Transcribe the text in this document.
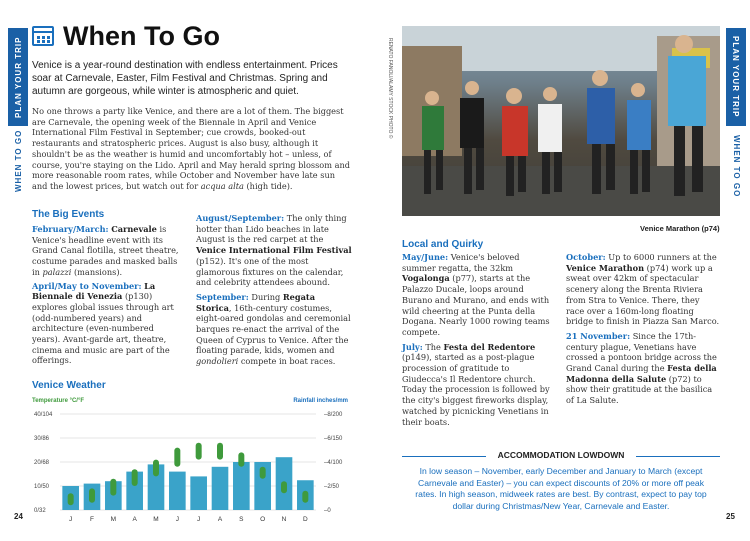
PLAN YOUR TRIP
WHEN TO GO
When To Go
Venice is a year-round destination with endless entertainment. Prices soar at Carnevale, Easter, Film Festival and Christmas. Spring and autumn are gorgeous, while winter is atmospheric and quiet.
No one throws a party like Venice, and there are a lot of them. The biggest are Carnevale, the opening week of the Biennale in April and Venice International Film Festival in September; cue crowds, booked-out restaurants and stratospheric prices. August is also busy, although it shouldn't be as the weather is humid and uncomfortably hot – unless, of course, you're staying on the Lido. April and May herald spring blossom and more reasonable room rates, while October and November have late sun and the lowest prices, but watch out for acqua alta (high tide).
The Big Events
February/March: Carnevale is Venice's headline event with its Grand Canal flotilla, street theatre, costume parades and masked balls in palazzi (mansions).
April/May to November: La Biennale di Venezia (p130) explores global issues through art (odd-numbered years) and architecture (even-numbered years). Avant-garde art, theatre, cinema and music are part of the offerings.
August/September: The only thing hotter than Lido beaches in late August is the red carpet at the Venice International Film Festival (p152). It's one of the most glamorous fixtures on the calendar, and celebrity attendees abound.
September: During Regata Storica, 16th-century costumes, eight-oared gondolas and ceremonial barques re-enact the arrival of the Queen of Cyprus to Venice. After the floating parade, kids, women and gondolieri compete in boat races.
Venice Weather
Temperature °C/°F	Rainfall inches/mm
40/104
30/86
20/68
10/50
0/32
–8/200
–6/150
–4/100
–2/50
–0
J	F	M	A	M	J	J	A	S	O	N	D
24
PLAN YOUR TRIP
WHEN TO GO
25
RENATO FANOLI/ALAMY STOCK PHOTO ©
Venice Marathon (p74)
Local and Quirky
May/June: Venice's beloved summer regatta, the 32km Vogalonga (p77), starts at the Palazzo Ducale, loops around Burano and Murano, and ends with wild cheering at the Punta della Dogana. Nearly 1000 rowing teams compete.
July: The Festa del Redentore (p149), started as a post-plague procession of gratitude to Giudecca's Il Redentore church. Today the procession is followed by the city's biggest fireworks display, watched by picnicking Venetians in their boats.
October: Up to 6000 runners at the Venice Marathon (p74) work up a sweat over 42km of spectacular scenery along the Brenta Riviera from Stra to Venice. There, they race over a 160m-long floating bridge to finish in Piazza San Marco.
21 November: Since the 17th-century plague, Venetians have crossed a pontoon bridge across the Grand Canal during the Festa della Madonna della Salute (p72) to show their gratitude at the basilica of La Salute.
ACCOMMODATION LOWDOWN
In low season – November, early December and January to March (except Carnevale and Easter) – you can expect discounts of 20% or more off peak rates. In high season, midweek rates are best. By contrast, expect to pay top dollar during Christmas/New Year, Carnevale and Easter.
